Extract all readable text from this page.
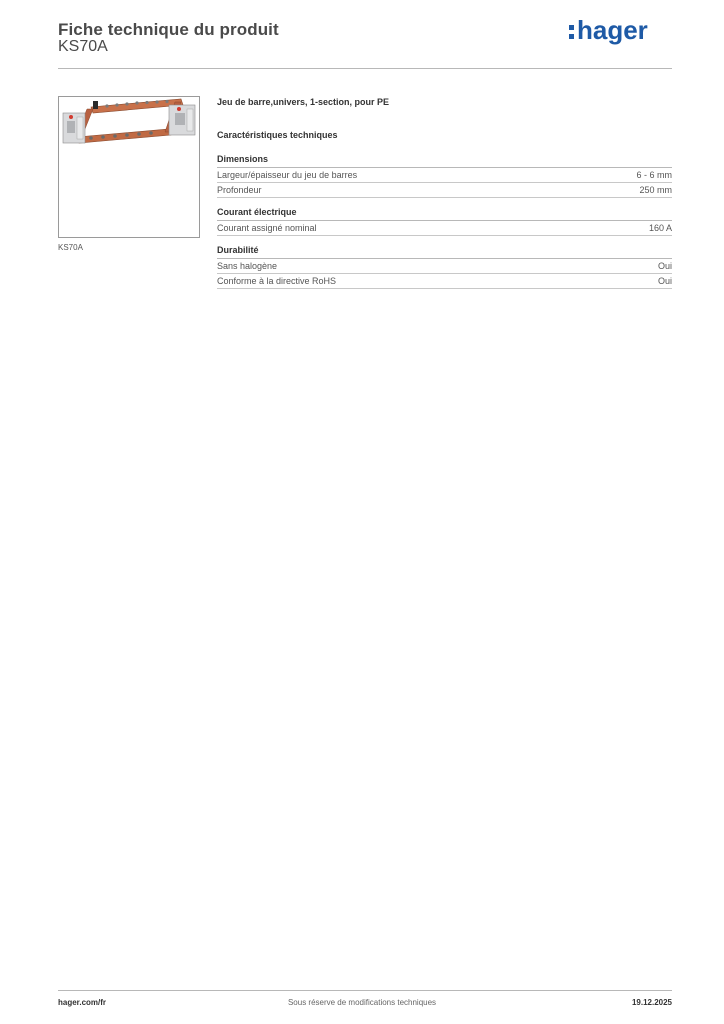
Fiche technique du produit
KS70A
hager
KS70A
Jeu de barre,univers, 1-section, pour PE
Caractéristiques techniques
Dimensions
Largeur/épaisseur du jeu de barres	6 - 6 mm
Profondeur	250 mm
Courant électrique
Courant assigné nominal	160 A
Durabilité
Sans halogène	Oui
Conforme à la directive RoHS	Oui
hager.com/fr	Sous réserve de modifications techniques	19.12.2025
